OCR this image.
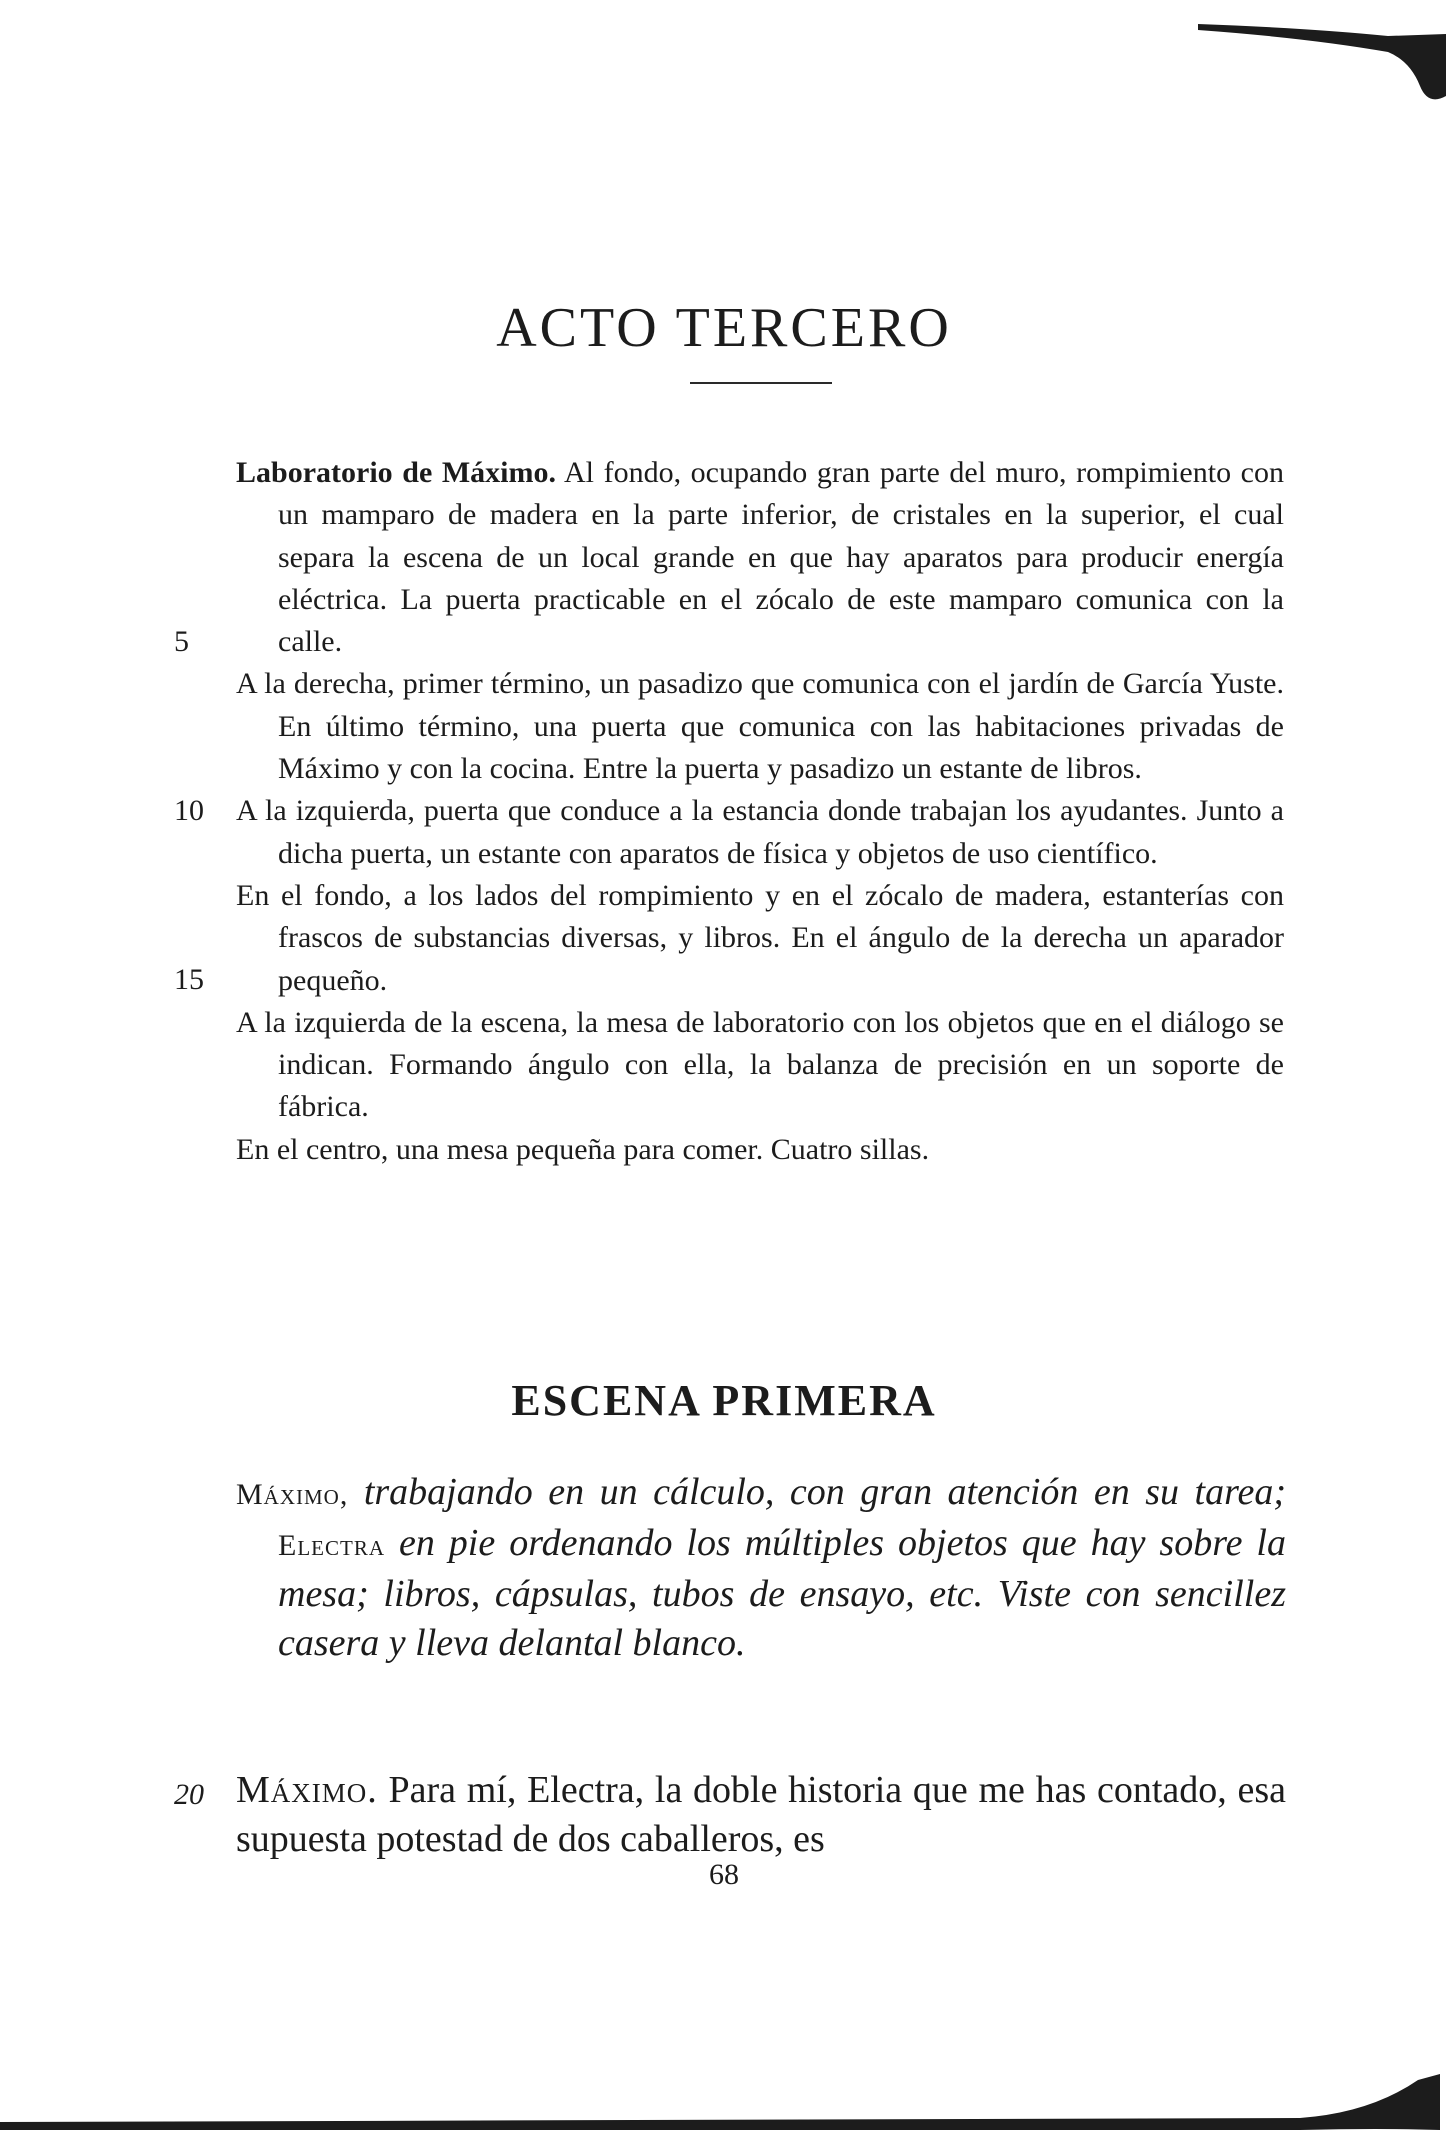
ACTO TERCERO

Laboratorio de Máximo. Al fondo, ocupando gran parte del muro, rompimiento con un mamparo de madera en la parte inferior, de cristales en la superior, el cual separa la escena de un local grande en que hay aparatos para producir energía eléctrica. La puerta practicable en el zócalo de este mamparo comunica con la calle.
5

A la derecha, primer término, un pasadizo que comunica con el jardín de García Yuste. En último término, una puerta que comunica con las habitaciones privadas de Máximo y con la cocina. Entre la puerta y pasadizo un estante de libros.

10 A la izquierda, puerta que conduce a la estancia donde trabajan los ayudantes. Junto a dicha puerta, un estante con aparatos de física y objetos de uso científico.

En el fondo, a los lados del rompimiento y en el zócalo de madera, estanterías con frascos de substancias diversas, y libros. En el ángulo de la derecha un aparador pequeño.
15

A la izquierda de la escena, la mesa de laboratorio con los objetos que en el diálogo se indican. Formando ángulo con ella, la balanza de precisión en un soporte de fábrica.

En el centro, una mesa pequeña para comer. Cuatro sillas.

ESCENA PRIMERA

Máximo, trabajando en un cálculo, con gran atención en su tarea; Electra en pie ordenando los múltiples objetos que hay sobre la mesa; libros, cápsulas, tubos de ensayo, etc. Viste con sencillez casera y lleva delantal blanco.

20 Máximo. Para mí, Electra, la doble historia que me has contado, esa supuesta potestad de dos caballeros, es

68
